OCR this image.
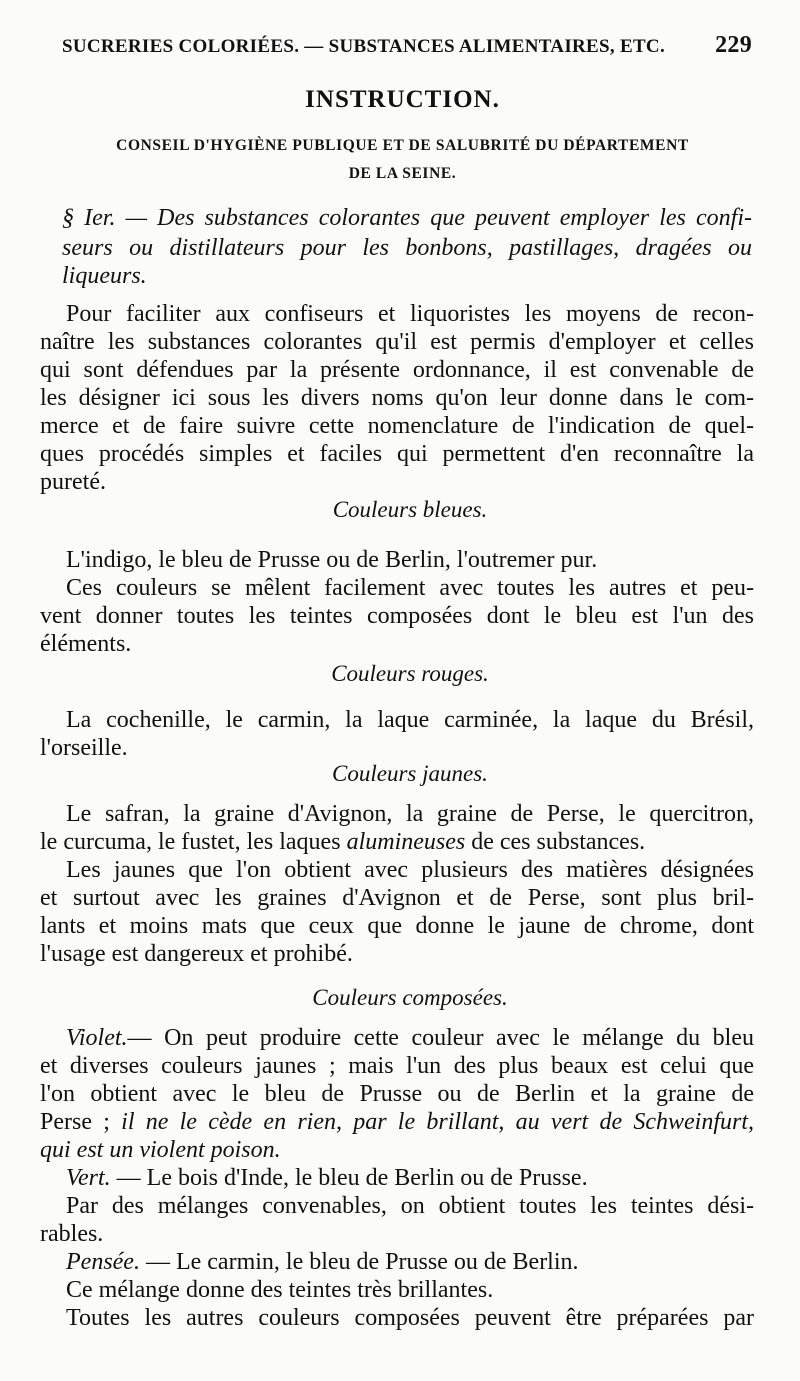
SUCRERIES COLORIÉES. — SUBSTANCES ALIMENTAIRES, ETC. 229
INSTRUCTION.
CONSEIL D'HYGIÈNE PUBLIQUE ET DE SALUBRITÉ DU DÉPARTEMENT
DE LA SEINE.
§ Ier. — Des substances colorantes que peuvent employer les confi-
seurs ou distillateurs pour les bonbons, pastillages, dragées ou
liqueurs.
Pour faciliter aux confiseurs et liquoristes les moyens de recon-
naître les substances colorantes qu'il est permis d'employer et celles
qui sont défendues par la présente ordonnance, il est convenable de
les désigner ici sous les divers noms qu'on leur donne dans le com-
merce et de faire suivre cette nomenclature de l'indication de quel-
ques procédés simples et faciles qui permettent d'en reconnaître la
pureté.
Couleurs bleues.
L'indigo, le bleu de Prusse ou de Berlin, l'outremer pur.
Ces couleurs se mêlent facilement avec toutes les autres et peu-
vent donner toutes les teintes composées dont le bleu est l'un des
éléments.
Couleurs rouges.
La cochenille, le carmin, la laque carminée, la laque du Brésil,
l'orseille.
Couleurs jaunes.
Le safran, la graine d'Avignon, la graine de Perse, le quercitron,
le curcuma, le fustet, les laques alumineuses de ces substances.
Les jaunes que l'on obtient avec plusieurs des matières désignées
et surtout avec les graines d'Avignon et de Perse, sont plus bril-
lants et moins mats que ceux que donne le jaune de chrome, dont
l'usage est dangereux et prohibé.
Couleurs composées.
Violet.— On peut produire cette couleur avec le mélange du bleu
et diverses couleurs jaunes ; mais l'un des plus beaux est celui que
l'on obtient avec le bleu de Prusse ou de Berlin et la graine de
Perse ; il ne le cède en rien, par le brillant, au vert de Schweinfurt,
qui est un violent poison.
Vert. — Le bois d'Inde, le bleu de Berlin ou de Prusse.
Par des mélanges convenables, on obtient toutes les teintes dési-
rables.
Pensée. — Le carmin, le bleu de Prusse ou de Berlin.
Ce mélange donne des teintes très brillantes.
Toutes les autres couleurs composées peuvent être préparées par
